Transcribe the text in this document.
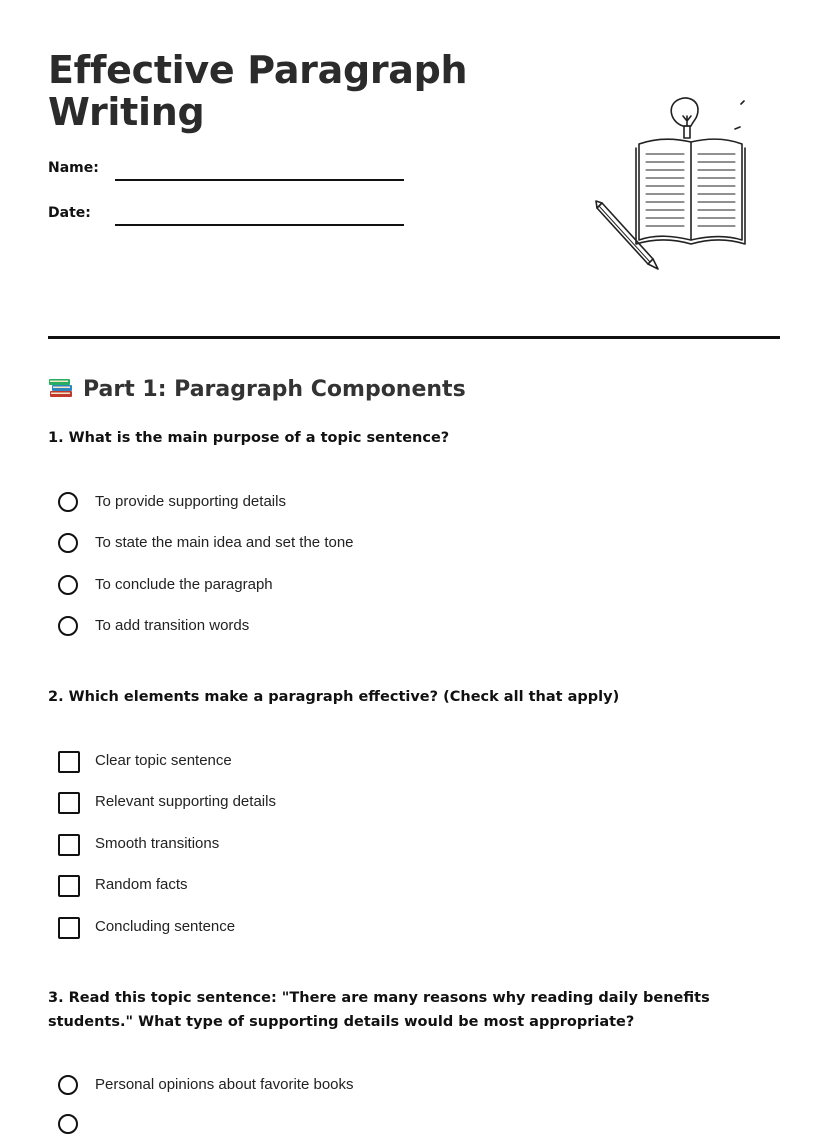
Effective Paragraph Writing
Name:
Date:
Part 1: Paragraph Components

1. What is the main purpose of a topic sentence?

To provide supporting details
To state the main idea and set the tone
To conclude the paragraph
To add transition words

2. Which elements make a paragraph effective? (Check all that apply)

Clear topic sentence
Relevant supporting details
Smooth transitions
Random facts
Concluding sentence

3. Read this topic sentence: "There are many reasons why reading daily benefits students." What type of supporting details would be most appropriate?

Personal opinions about favorite books
